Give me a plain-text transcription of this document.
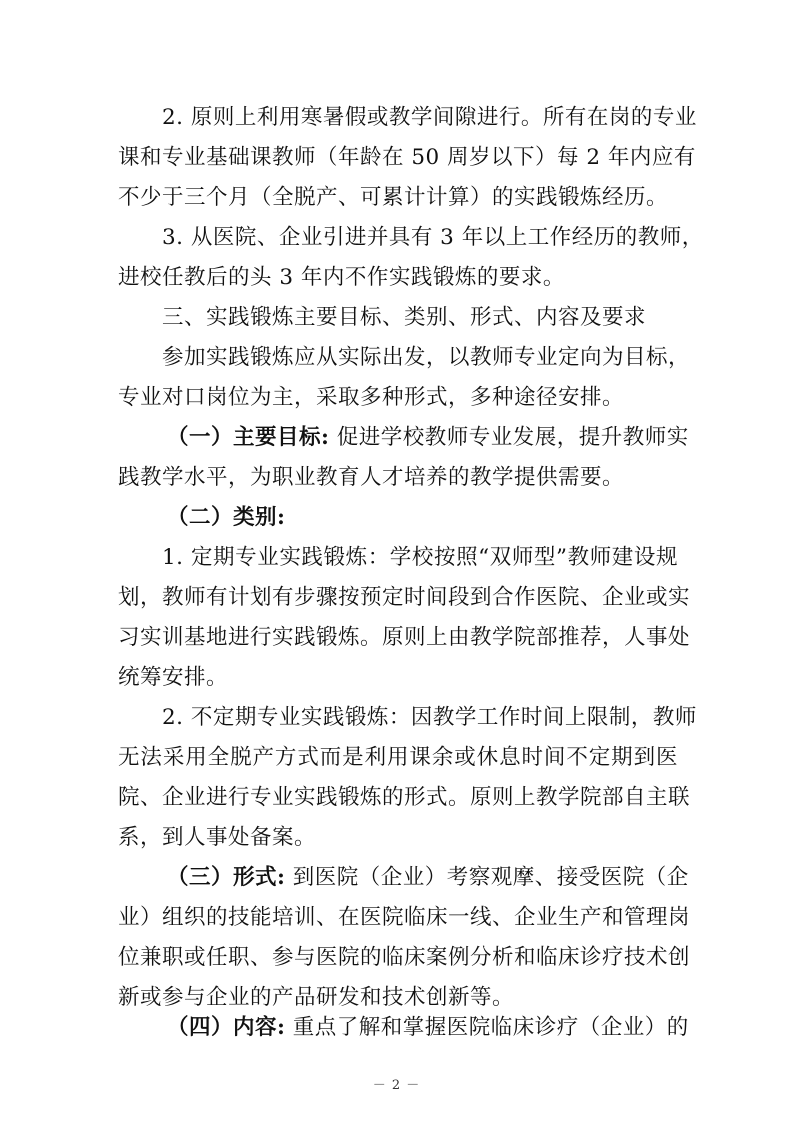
2. 原则上利用寒暑假或教学间隙进行。所有在岗的专业
课和专业基础课教师（年龄在 50 周岁以下）每 2 年内应有
不少于三个月（全脱产、可累计计算）的实践锻炼经历。
3. 从医院、企业引进并具有 3 年以上工作经历的教师，
进校任教后的头 3 年内不作实践锻炼的要求。
三、实践锻炼主要目标、类别、形式、内容及要求
参加实践锻炼应从实际出发，以教师专业定向为目标，
专业对口岗位为主，采取多种形式，多种途径安排。
（一）主要目标: 促进学校教师专业发展，提升教师实
践教学水平，为职业教育人才培养的教学提供需要。
（二）类别:
1. 定期专业实践锻炼：学校按照“双师型”教师建设规
划，教师有计划有步骤按预定时间段到合作医院、企业或实
习实训基地进行实践锻炼。原则上由教学院部推荐，人事处
统筹安排。
2. 不定期专业实践锻炼：因教学工作时间上限制，教师
无法采用全脱产方式而是利用课余或休息时间不定期到医
院、企业进行专业实践锻炼的形式。原则上教学院部自主联
系，到人事处备案。
（三）形式: 到医院（企业）考察观摩、接受医院（企
业）组织的技能培训、在医院临床一线、企业生产和管理岗
位兼职或任职、参与医院的临床案例分析和临床诊疗技术创
新或参与企业的产品研发和技术创新等。
（四）内容: 重点了解和掌握医院临床诊疗（企业）的
－ 2 －
